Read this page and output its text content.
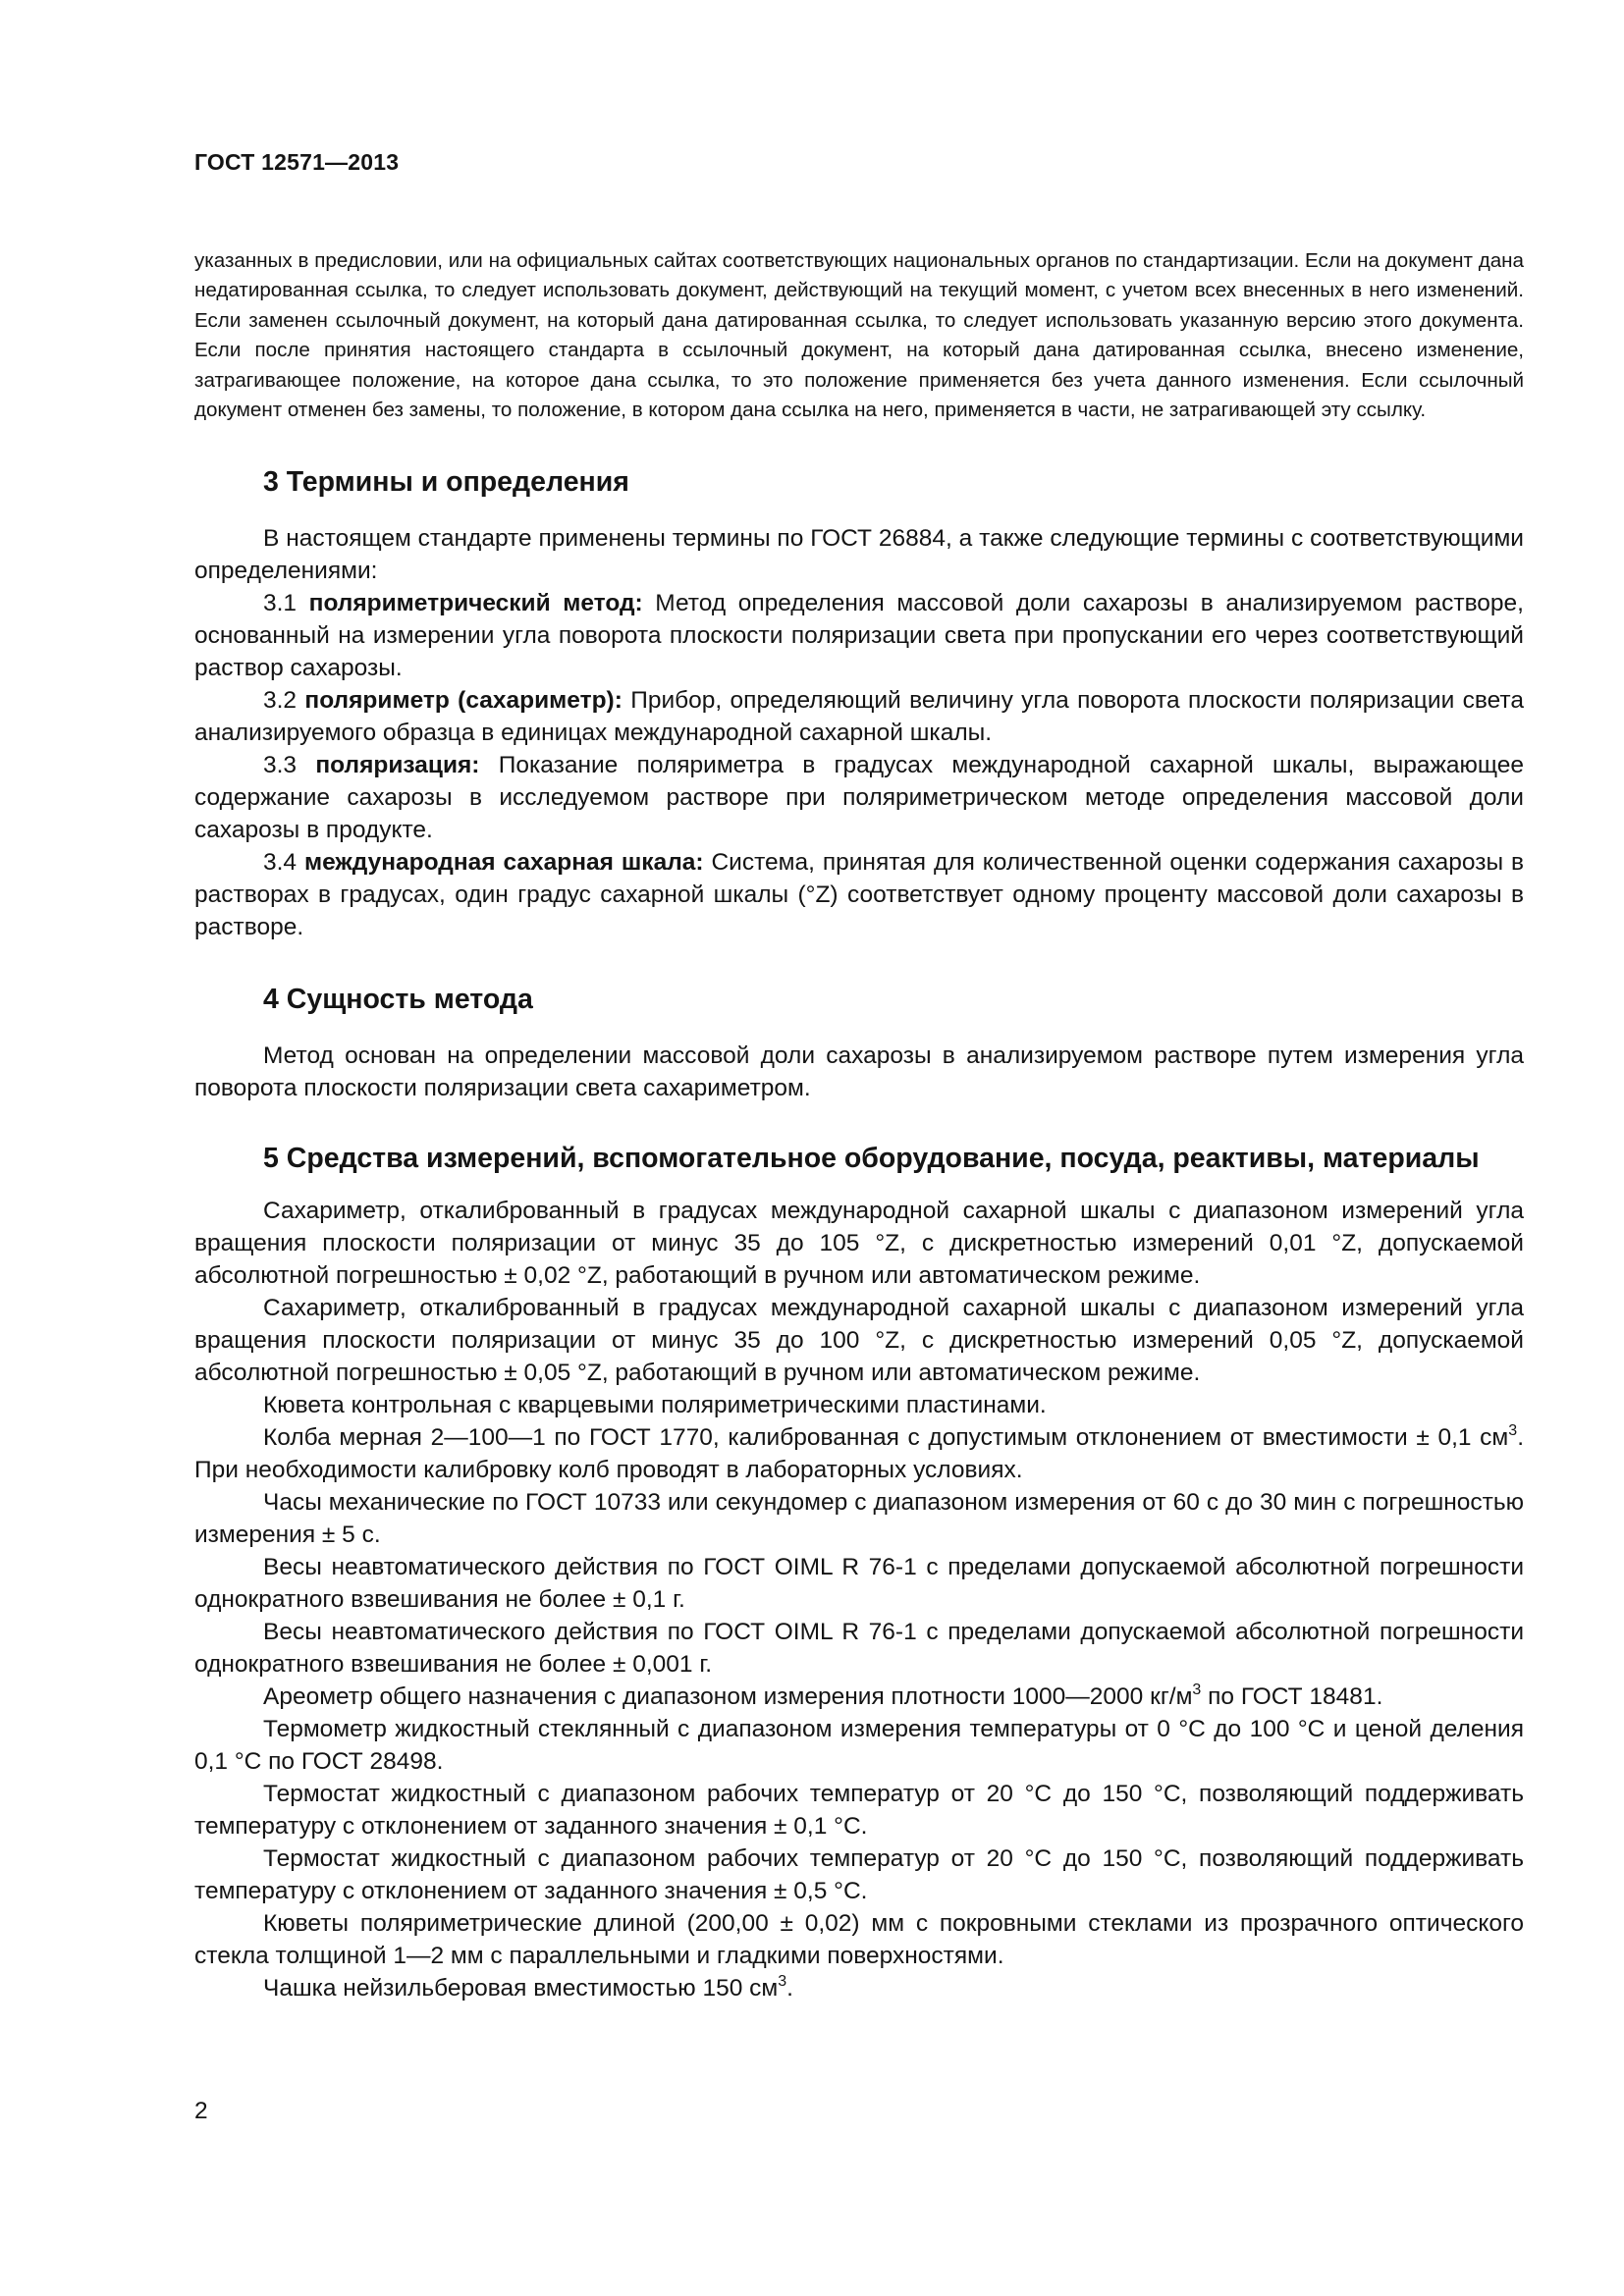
ГОСТ 12571—2013

указанных в предисловии, или на официальных сайтах соответствующих национальных органов по стандартизации. Если на документ дана недатированная ссылка, то следует использовать документ, действующий на текущий момент, с учетом всех внесенных в него изменений. Если заменен ссылочный документ, на который дана датированная ссылка, то следует использовать указанную версию этого документа. Если после принятия настоящего стандарта в ссылочный документ, на который дана датированная ссылка, внесено изменение, затрагивающее положение, на которое дана ссылка, то это положение применяется без учета данного изменения. Если ссылочный документ отменен без замены, то положение, в котором дана ссылка на него, применяется в части, не затрагивающей эту ссылку.

3 Термины и определения

В настоящем стандарте применены термины по ГОСТ 26884, а также следующие термины с соответствующими определениями:

3.1 поляриметрический метод: Метод определения массовой доли сахарозы в анализируемом растворе, основанный на измерении угла поворота плоскости поляризации света при пропускании его через соответствующий раствор сахарозы.

3.2 поляриметр (сахариметр): Прибор, определяющий величину угла поворота плоскости поляризации света анализируемого образца в единицах международной сахарной шкалы.

3.3 поляризация: Показание поляриметра в градусах международной сахарной шкалы, выражающее содержание сахарозы в исследуемом растворе при поляриметрическом методе определения массовой доли сахарозы в продукте.

3.4 международная сахарная шкала: Система, принятая для количественной оценки содержания сахарозы в растворах в градусах, один градус сахарной шкалы (°Z) соответствует одному проценту массовой доли сахарозы в растворе.

4 Сущность метода

Метод основан на определении массовой доли сахарозы в анализируемом растворе путем измерения угла поворота плоскости поляризации света сахариметром.

5 Средства измерений, вспомогательное оборудование, посуда, реактивы, материалы

Сахариметр, откалиброванный в градусах международной сахарной шкалы с диапазоном измерений угла вращения плоскости поляризации от минус 35 до 105 °Z, с дискретностью измерений 0,01 °Z, допускаемой абсолютной погрешностью ± 0,02 °Z, работающий в ручном или автоматическом режиме.

Сахариметр, откалиброванный в градусах международной сахарной шкалы с диапазоном измерений угла вращения плоскости поляризации от минус 35 до 100 °Z, с дискретностью измерений 0,05 °Z, допускаемой абсолютной погрешностью ± 0,05 °Z, работающий в ручном или автоматическом режиме.

Кювета контрольная с кварцевыми поляриметрическими пластинами.

Колба мерная 2—100—1 по ГОСТ 1770, калиброванная с допустимым отклонением от вместимости ± 0,1 $см^3$. При необходимости калибровку колб проводят в лабораторных условиях.

Часы механические по ГОСТ 10733 или секундомер с диапазоном измерения от 60 с до 30 мин с погрешностью измерения ± 5 с.

Весы неавтоматического действия по ГОСТ OIML R 76-1 с пределами допускаемой абсолютной погрешности однократного взвешивания не более ± 0,1 г.

Весы неавтоматического действия по ГОСТ OIML R 76-1 с пределами допускаемой абсолютной погрешности однократного взвешивания не более ± 0,001 г.

Ареометр общего назначения с диапазоном измерения плотности 1000—2000 $кг/м^3$ по ГОСТ 18481.

Термометр жидкостный стеклянный с диапазоном измерения температуры от 0 °С до 100 °С и ценой деления 0,1 °С по ГОСТ 28498.

Термостат жидкостный с диапазоном рабочих температур от 20 °С до 150 °С, позволяющий поддерживать температуру с отклонением от заданного значения ± 0,1 °С.

Термостат жидкостный с диапазоном рабочих температур от 20 °С до 150 °С, позволяющий поддерживать температуру с отклонением от заданного значения ± 0,5 °С.

Кюветы поляриметрические длиной (200,00 ± 0,02) мм с покровными стеклами из прозрачного оптического стекла толщиной 1—2 мм с параллельными и гладкими поверхностями.

Чашка нейзильберовая вместимостью 150 $см^3$.

2
